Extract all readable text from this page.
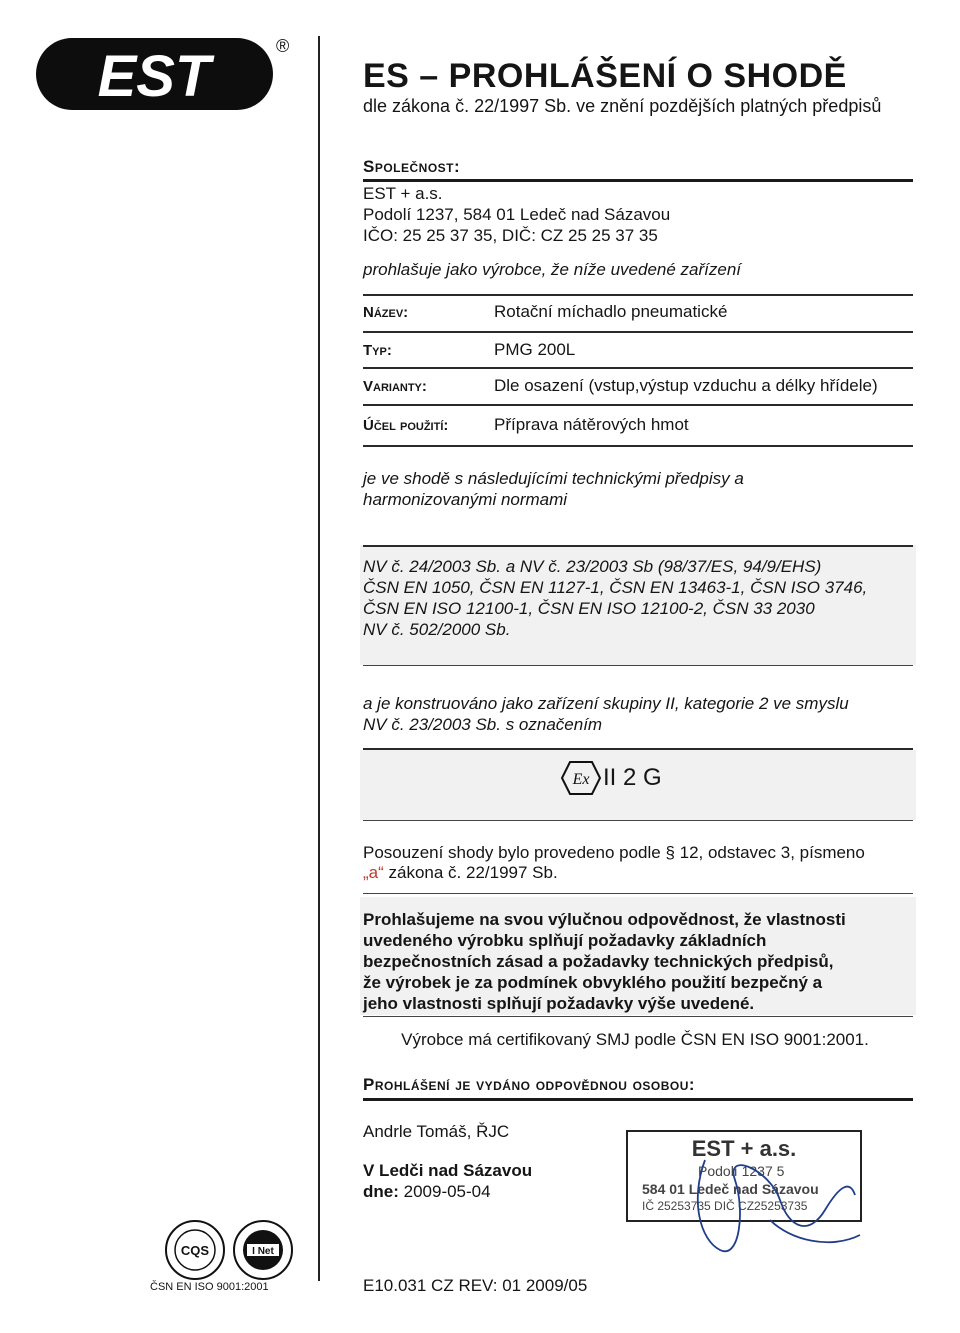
EST	®
ES – PROHLÁŠENÍ O SHODĚ
dle zákona č. 22/1997 Sb. ve znění pozdějších platných předpisů
Společnost:
EST + a.s.
Podolí 1237, 584 01 Ledeč nad Sázavou
IČO: 25 25 37 35, DIČ: CZ 25 25 37 35
prohlašuje jako výrobce, že níže uvedené zařízení
Název:	Rotační míchadlo pneumatické
Typ:	PMG 200L
Varianty:	Dle osazení (vstup,výstup vzduchu a délky hřídele)
Účel použití:	Příprava nátěrových hmot
je ve shodě s následujícími technickými předpisy a
harmonizovanými normami
NV č. 24/2003 Sb. a NV č. 23/2003 Sb (98/37/ES, 94/9/EHS)
ČSN EN 1050, ČSN EN 1127-1, ČSN EN 13463-1, ČSN ISO 3746,
ČSN EN ISO 12100-1, ČSN EN ISO 12100-2, ČSN 33 2030
NV č. 502/2000 Sb.
a je konstruováno jako zařízení skupiny II, kategorie 2 ve smyslu
NV č. 23/2003 Sb. s označením
Ex II 2 G
Posouzení shody bylo provedeno podle § 12, odstavec 3, písmeno
„a“ zákona č. 22/1997 Sb.
Prohlašujeme na svou výlučnou odpovědnost, že vlastnosti
uvedeného výrobku splňují požadavky základních
bezpečnostních zásad a požadavky technických předpisů,
že výrobek je za podmínek obvyklého použití bezpečný a
jeho vlastnosti splňují požadavky výše uvedené.
Výrobce má certifikovaný SMJ podle ČSN EN ISO 9001:2001.
Prohlášení je vydáno odpovědnou osobou:
Andrle Tomáš, ŘJC
V Ledči nad Sázavou
dne: 2009-05-04
EST + a.s.
Podolí 1237 5
584 01 Ledeč nad Sázavou
IČ 25253735 DIČ CZ25253735
CQS	I Net
ČSN EN ISO 9001:2001	E10.031 CZ REV: 01 2009/05
